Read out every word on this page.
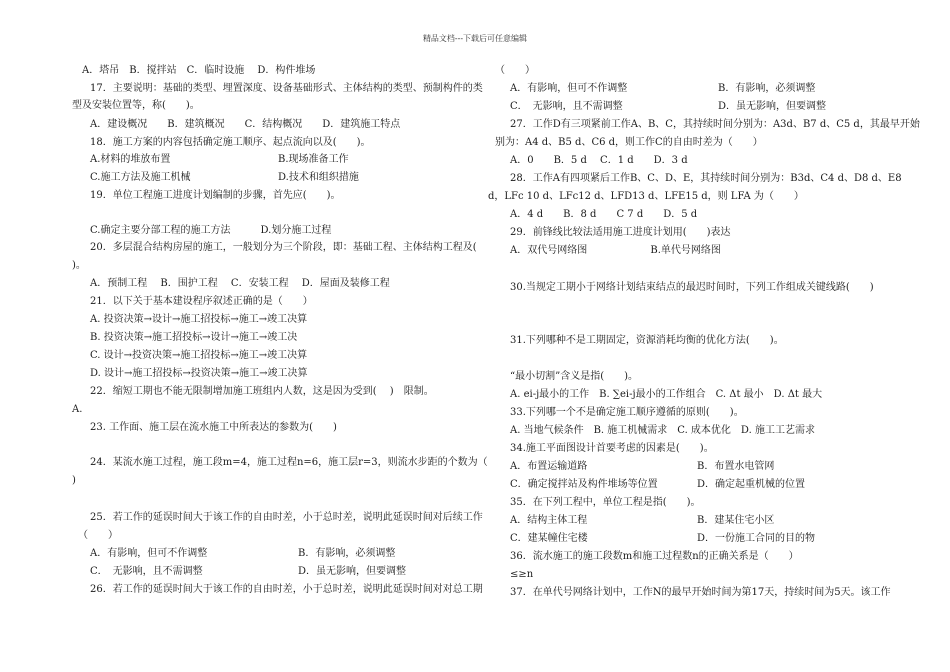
精品文档---下载后可任意编辑
A．塔吊　B．搅拌站　C．临时设施　 D．构件堆场
17．主要说明：基础的类型、埋置深度、设备基础形式、主体结构的类型、预制构件的类
型及安装位置等，称(　　)。
A．建设概况　　B．建筑概况　　C．结构概况　　D．建筑施工特点
18．施工方案的内容包括确定施工顺序、起点流向以及(　　)。
A.材料的堆放布置	B.现场准备工作
C.施工方法及施工机械	D.技术和组织措施
19．单位工程施工进度计划编制的步骤，首先应(　　)。
C.确定主要分部工程的施工方法　　　D.划分施工过程
20．多层混合结构房屋的施工，一般划分为三个阶段，即：基础工程、主体结构工程及(
)。
A．预制工程　 B．围护工程　 C．安装工程　 D．屋面及装修工程
21．以下关于基本建设程序叙述正确的是（　　）
A. 投资决策→设计→施工招投标→施工→竣工决算
B. 投资决策→施工招投标→设计→施工→竣工决
C. 设计→投资决策→施工招投标→施工→竣工决算
D. 设计→施工招投标→投资决策→施工→竣工决算
22．缩短工期也不能无限制增加施工班组内人数，这是因为受到(　 )　限制。
A.
23. 工作面、施工层在流水施工中所表达的参数为(　　)
24．某流水施工过程，施工段m=4，施工过程n=6，施工层r=3，则流水步距的个数为（
)
25．若工作的延误时间大于该工作的自由时差，小于总时差，说明此延误时间对后续工作
（　　）
A．有影响，但可不作调整	B．有影响，必须调整
C．　无影响，且不需调整	D．虽无影响，但要调整
26．若工作的延误时间大于该工作的自由时差，小于总时差，说明此延误时间对对总工期
（　　）
A．有影响，但可不作调整	B．有影响，必须调整
C．　无影响，且不需调整	D．虽无影响，但要调整
27．工作D有三项紧前工作A、B、C，其持续时间分别为：A3d、B7 d、C5 d，其最早开始
别为：A4 d、B5 d、C6 d，则工作C的自由时差为（　　）
A．0　　B．5 d　 C．1 d　　D．3 d
28．工作A有四项紧后工作B、C、D、E，其持续时间分别为：B3d、C4 d、D8 d、E8
d，LFc 10 d、LFc12 d、LFD13 d、LFE15 d，则 LFA 为（　　）
A．4 d　　B．8 d　　C 7 d　　D．5 d
29．前锋线比较法适用施工进度计划用(　　)表达
A．双代号网络图　　　　　　 B.单代号网络图
30.当规定工期小于网络计划结束结点的最迟时间时，下列工作组成关键线路(　　)
31.下列哪种不是工期固定，资源消耗均衡的优化方法(　　)。
“最小切割”含义是指(　　)。
A. ei-j最小的工作　B. ∑ei-j最小的工作组合　C. Δt 最小　D. Δt 最大
33.下列哪一个不是确定施工顺序遵循的原则(　　)。
A. 当地气候条件　B. 施工机械需求　C. 成本优化　D. 施工工艺需求
34.施工平面图设计首要考虑的因素是(　　)。
A．布置运输道路	B．布置水电管网
C．确定搅拌站及构件堆场等位置	D．确定起重机械的位置
35．在下列工程中，单位工程是指(　　)。
A．结构主体工程	B．建某住宅小区
C．建某幢住宅楼	D．一份施工合同的目的物
36．流水施工的施工段数m和施工过程数n的正确关系是（　　）
≤≥n
37．在单代号网络计划中，工作N的最早开始时间为第17天，持续时间为5天。该工作
